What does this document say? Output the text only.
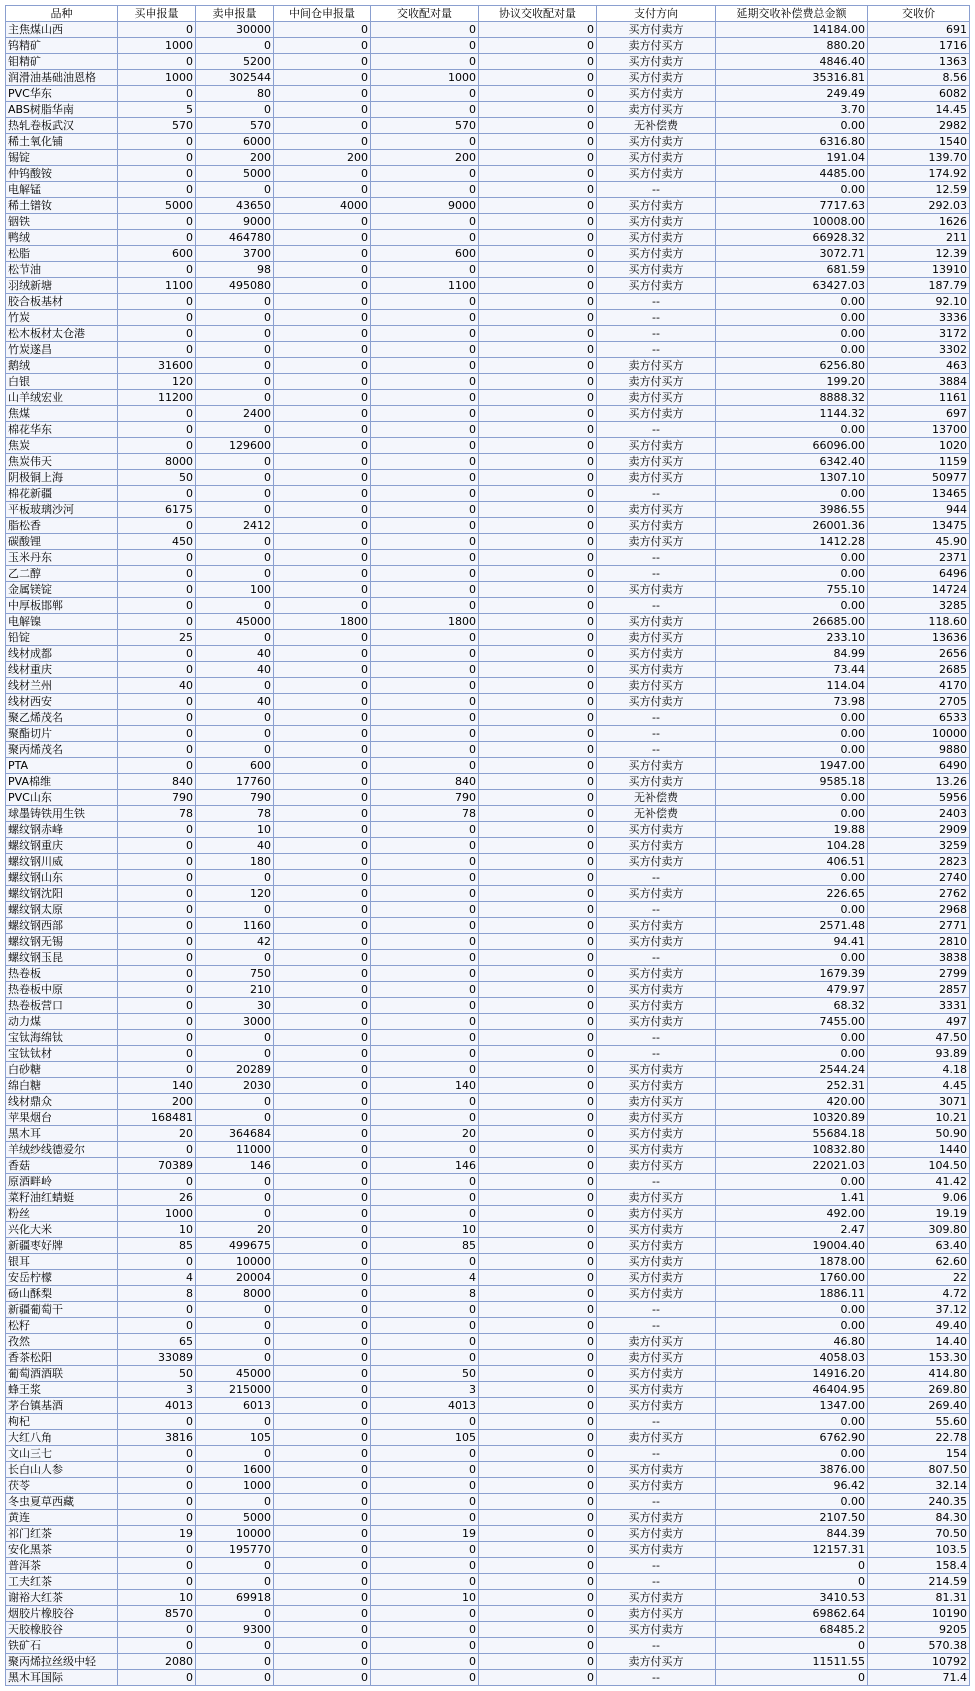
品种	买申报量	卖申报量	中间仓申报量	交收配对量	协议交收配对量	支付方向	延期交收补偿费总金额	交收价
主焦煤山西	0	30000	0	0	0	买方付卖方	14184.00	691
钨精矿	1000	0	0	0	0	卖方付买方	880.20	1716
钼精矿	0	5200	0	0	0	买方付卖方	4846.40	1363
润滑油基础油恩格	1000	302544	0	1000	0	买方付卖方	35316.81	8.56
PVC华东	0	80	0	0	0	买方付卖方	249.49	6082
ABS树脂华南	5	0	0	0	0	卖方付买方	3.70	14.45
热轧卷板武汉	570	570	0	570	0	无补偿费	0.00	2982
稀土氧化铺	0	6000	0	0	0	买方付卖方	6316.80	1540
锡锭	0	200	200	200	0	买方付卖方	191.04	139.70
仲钨酸铵	0	5000	0	0	0	买方付卖方	4485.00	174.92
电解锰	0	0	0	0	0	--	0.00	12.59
稀土镨钕	5000	43650	4000	9000	0	买方付卖方	7717.63	292.03
铟铁	0	9000	0	0	0	买方付卖方	10008.00	1626
鸭绒	0	464780	0	0	0	买方付卖方	66928.32	211
松脂	600	3700	0	600	0	买方付卖方	3072.71	12.39
松节油	0	98	0	0	0	买方付卖方	681.59	13910
羽绒新塘	1100	495080	0	1100	0	买方付卖方	63427.03	187.79
胶合板基材	0	0	0	0	0	--	0.00	92.10
竹炭	0	0	0	0	0	--	0.00	3336
松木板材太仓港	0	0	0	0	0	--	0.00	3172
竹炭遂昌	0	0	0	0	0	--	0.00	3302
鹅绒	31600	0	0	0	0	卖方付买方	6256.80	463
白银	120	0	0	0	0	卖方付买方	199.20	3884
山羊绒宏业	11200	0	0	0	0	卖方付买方	8888.32	1161
焦煤	0	2400	0	0	0	买方付卖方	1144.32	697
棉花华东	0	0	0	0	0	--	0.00	13700
焦炭	0	129600	0	0	0	买方付卖方	66096.00	1020
焦炭伟天	8000	0	0	0	0	卖方付买方	6342.40	1159
阴极铜上海	50	0	0	0	0	卖方付买方	1307.10	50977
棉花新疆	0	0	0	0	0	--	0.00	13465
平板玻璃沙河	6175	0	0	0	0	卖方付买方	3986.55	944
脂松香	0	2412	0	0	0	买方付卖方	26001.36	13475
碳酸锂	450	0	0	0	0	卖方付买方	1412.28	45.90
玉米丹东	0	0	0	0	0	--	0.00	2371
乙二醇	0	0	0	0	0	--	0.00	6496
金属镁锭	0	100	0	0	0	买方付卖方	755.10	14724
中厚板邯郸	0	0	0	0	0	--	0.00	3285
电解镍	0	45000	1800	1800	0	买方付卖方	26685.00	118.60
铅锭	25	0	0	0	0	卖方付买方	233.10	13636
线材成都	0	40	0	0	0	买方付卖方	84.99	2656
线材重庆	0	40	0	0	0	买方付卖方	73.44	2685
线材兰州	40	0	0	0	0	卖方付买方	114.04	4170
线材西安	0	40	0	0	0	买方付卖方	73.98	2705
聚乙烯茂名	0	0	0	0	0	--	0.00	6533
聚酯切片	0	0	0	0	0	--	0.00	10000
聚丙烯茂名	0	0	0	0	0	--	0.00	9880
PTA	0	600	0	0	0	买方付卖方	1947.00	6490
PVA棉维	840	17760	0	840	0	买方付卖方	9585.18	13.26
PVC山东	790	790	0	790	0	无补偿费	0.00	5956
球墨铸铁用生铁	78	78	0	78	0	无补偿费	0.00	2403
螺纹钢赤峰	0	10	0	0	0	买方付卖方	19.88	2909
螺纹钢重庆	0	40	0	0	0	买方付卖方	104.28	3259
螺纹钢川威	0	180	0	0	0	买方付卖方	406.51	2823
螺纹钢山东	0	0	0	0	0	--	0.00	2740
螺纹钢沈阳	0	120	0	0	0	买方付卖方	226.65	2762
螺纹钢太原	0	0	0	0	0	--	0.00	2968
螺纹钢西部	0	1160	0	0	0	买方付卖方	2571.48	2771
螺纹钢无锡	0	42	0	0	0	买方付卖方	94.41	2810
螺纹钢玉昆	0	0	0	0	0	--	0.00	3838
热卷板	0	750	0	0	0	买方付卖方	1679.39	2799
热卷板中原	0	210	0	0	0	买方付卖方	479.97	2857
热卷板营口	0	30	0	0	0	买方付卖方	68.32	3331
动力煤	0	3000	0	0	0	买方付卖方	7455.00	497
宝钛海绵钛	0	0	0	0	0	--	0.00	47.50
宝钛钛材	0	0	0	0	0	--	0.00	93.89
白砂糖	0	20289	0	0	0	买方付卖方	2544.24	4.18
绵白糖	140	2030	0	140	0	买方付卖方	252.31	4.45
线材鼎众	200	0	0	0	0	卖方付买方	420.00	3071
苹果烟台	168481	0	0	0	0	卖方付买方	10320.89	10.21
黑木耳	20	364684	0	20	0	买方付卖方	55684.18	50.90
羊绒纱线德爱尔	0	11000	0	0	0	买方付卖方	10832.80	1440
香菇	70389	146	0	146	0	卖方付买方	22021.03	104.50
原酒畔岭	0	0	0	0	0	--	0.00	41.42
菜籽油红蜻蜓	26	0	0	0	0	卖方付买方	1.41	9.06
粉丝	1000	0	0	0	0	卖方付买方	492.00	19.19
兴化大米	10	20	0	10	0	买方付卖方	2.47	309.80
新疆枣好牌	85	499675	0	85	0	买方付卖方	19004.40	63.40
银耳	0	10000	0	0	0	买方付卖方	1878.00	62.60
安岳柠檬	4	20004	0	4	0	买方付卖方	1760.00	22
砀山酥梨	8	8000	0	8	0	买方付卖方	1886.11	4.72
新疆葡萄干	0	0	0	0	0	--	0.00	37.12
松籽	0	0	0	0	0	--	0.00	49.40
孜然	65	0	0	0	0	卖方付买方	46.80	14.40
香茶松阳	33089	0	0	0	0	卖方付买方	4058.03	153.30
葡萄酒酒联	50	45000	0	50	0	买方付卖方	14916.20	414.80
蜂王浆	3	215000	0	3	0	买方付卖方	46404.95	269.80
茅台镇基酒	4013	6013	0	4013	0	买方付卖方	1347.00	269.40
枸杞	0	0	0	0	0	--	0.00	55.60
大红八角	3816	105	0	105	0	卖方付买方	6762.90	22.78
文山三七	0	0	0	0	0	--	0.00	154
长白山人参	0	1600	0	0	0	买方付卖方	3876.00	807.50
茯苓	0	1000	0	0	0	买方付卖方	96.42	32.14
冬虫夏草西藏	0	0	0	0	0	--	0.00	240.35
黄连	0	5000	0	0	0	买方付卖方	2107.50	84.30
祁门红茶	19	10000	0	19	0	买方付卖方	844.39	70.50
安化黑茶	0	195770	0	0	0	买方付卖方	12157.31	103.5
普洱茶	0	0	0	0	0	--	0	158.4
工夫红茶	0	0	0	0	0	--	0	214.59
谢裕大红茶	10	69918	0	10	0	买方付卖方	3410.53	81.31
烟胶片橡胶谷	8570	0	0	0	0	卖方付买方	69862.64	10190
天胶橡胶谷	0	9300	0	0	0	买方付卖方	68485.2	9205
铁矿石	0	0	0	0	0	--	0	570.38
聚丙烯拉丝级中轻	2080	0	0	0	0	卖方付买方	11511.55	10792
黑木耳国际	0	0	0	0	0	--	0	71.4
